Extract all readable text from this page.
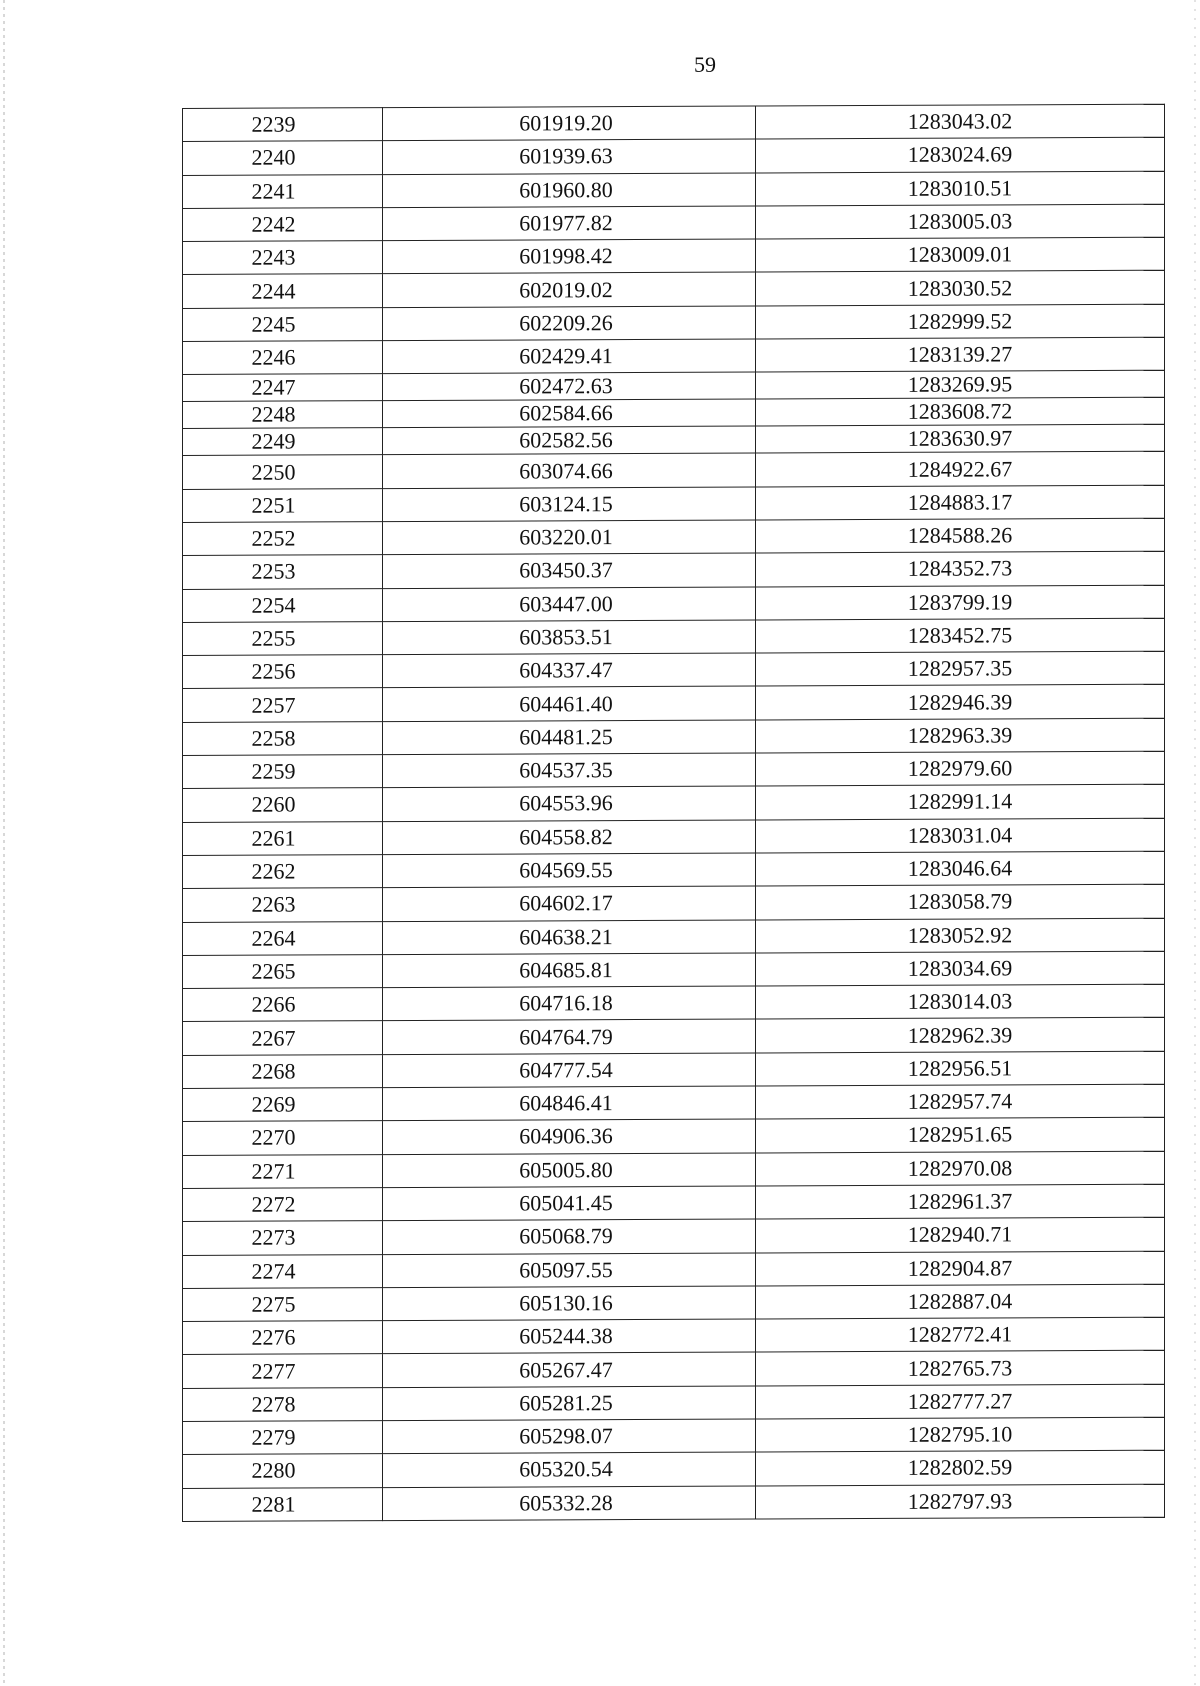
59
2239	601919.20	1283043.02
2240	601939.63	1283024.69
2241	601960.80	1283010.51
2242	601977.82	1283005.03
2243	601998.42	1283009.01
2244	602019.02	1283030.52
2245	602209.26	1282999.52
2246	602429.41	1283139.27
2247	602472.63	1283269.95
2248	602584.66	1283608.72
2249	602582.56	1283630.97
2250	603074.66	1284922.67
2251	603124.15	1284883.17
2252	603220.01	1284588.26
2253	603450.37	1284352.73
2254	603447.00	1283799.19
2255	603853.51	1283452.75
2256	604337.47	1282957.35
2257	604461.40	1282946.39
2258	604481.25	1282963.39
2259	604537.35	1282979.60
2260	604553.96	1282991.14
2261	604558.82	1283031.04
2262	604569.55	1283046.64
2263	604602.17	1283058.79
2264	604638.21	1283052.92
2265	604685.81	1283034.69
2266	604716.18	1283014.03
2267	604764.79	1282962.39
2268	604777.54	1282956.51
2269	604846.41	1282957.74
2270	604906.36	1282951.65
2271	605005.80	1282970.08
2272	605041.45	1282961.37
2273	605068.79	1282940.71
2274	605097.55	1282904.87
2275	605130.16	1282887.04
2276	605244.38	1282772.41
2277	605267.47	1282765.73
2278	605281.25	1282777.27
2279	605298.07	1282795.10
2280	605320.54	1282802.59
2281	605332.28	1282797.93
